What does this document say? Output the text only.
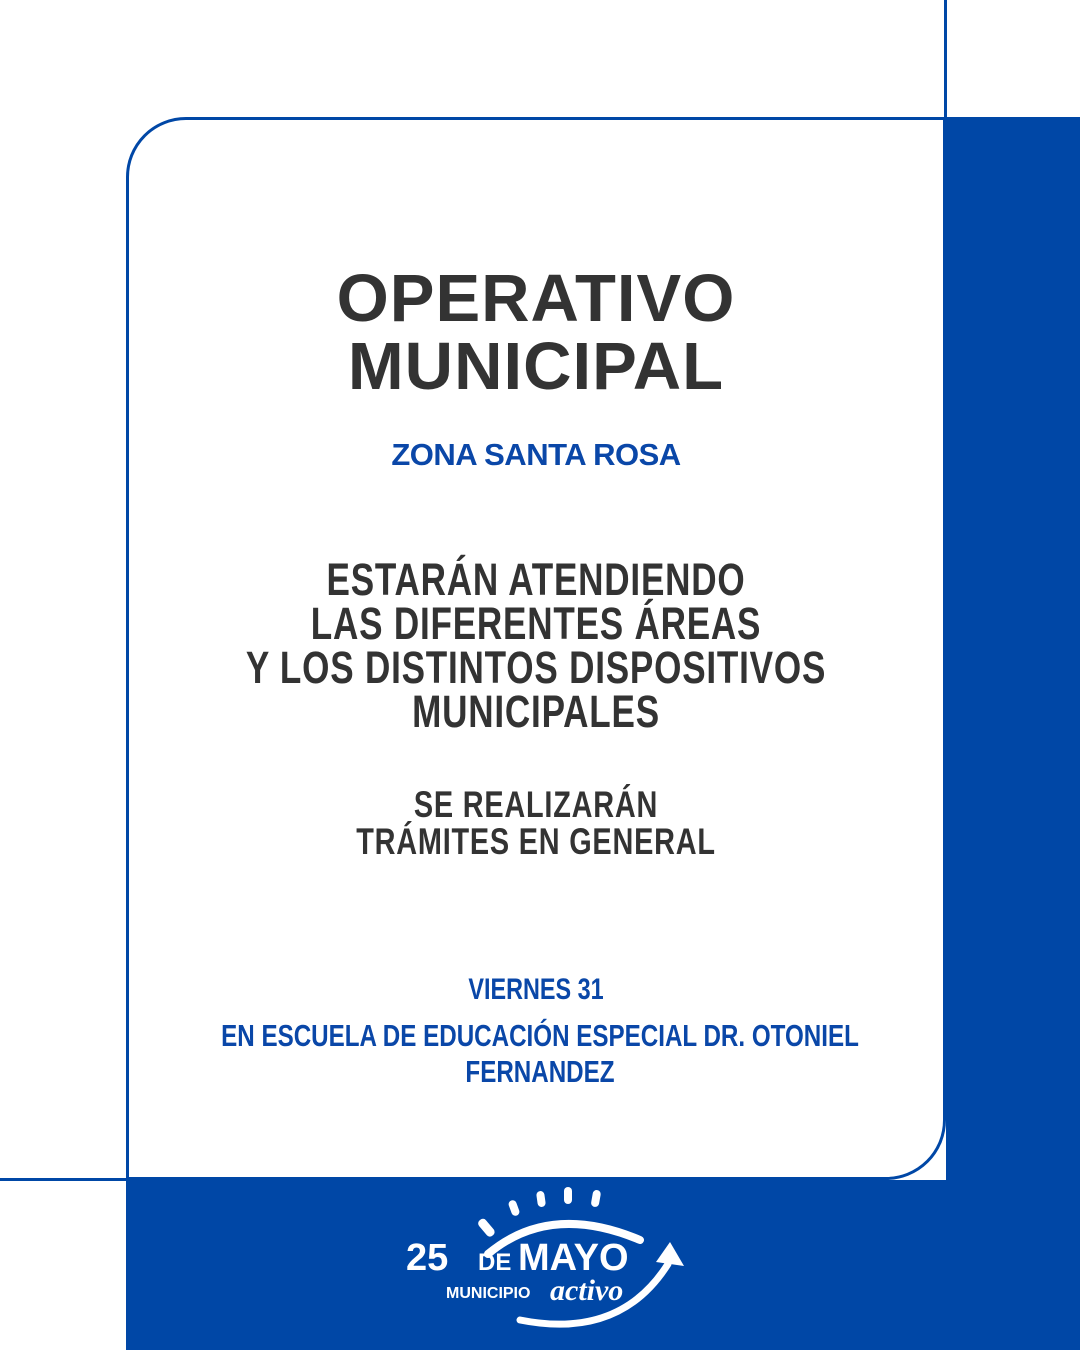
OPERATIVO
MUNICIPAL
ZONA SANTA ROSA
ESTARÁN ATENDIENDO
LAS DIFERENTES ÁREAS
Y LOS DISTINTOS DISPOSITIVOS
MUNICIPALES
SE REALIZARÁN
TRÁMITES EN GENERAL
VIERNES 31
EN ESCUELA DE EDUCACIÓN ESPECIAL DR. OTONIEL FERNANDEZ
25 DE MAYO
MUNICIPIO activo
